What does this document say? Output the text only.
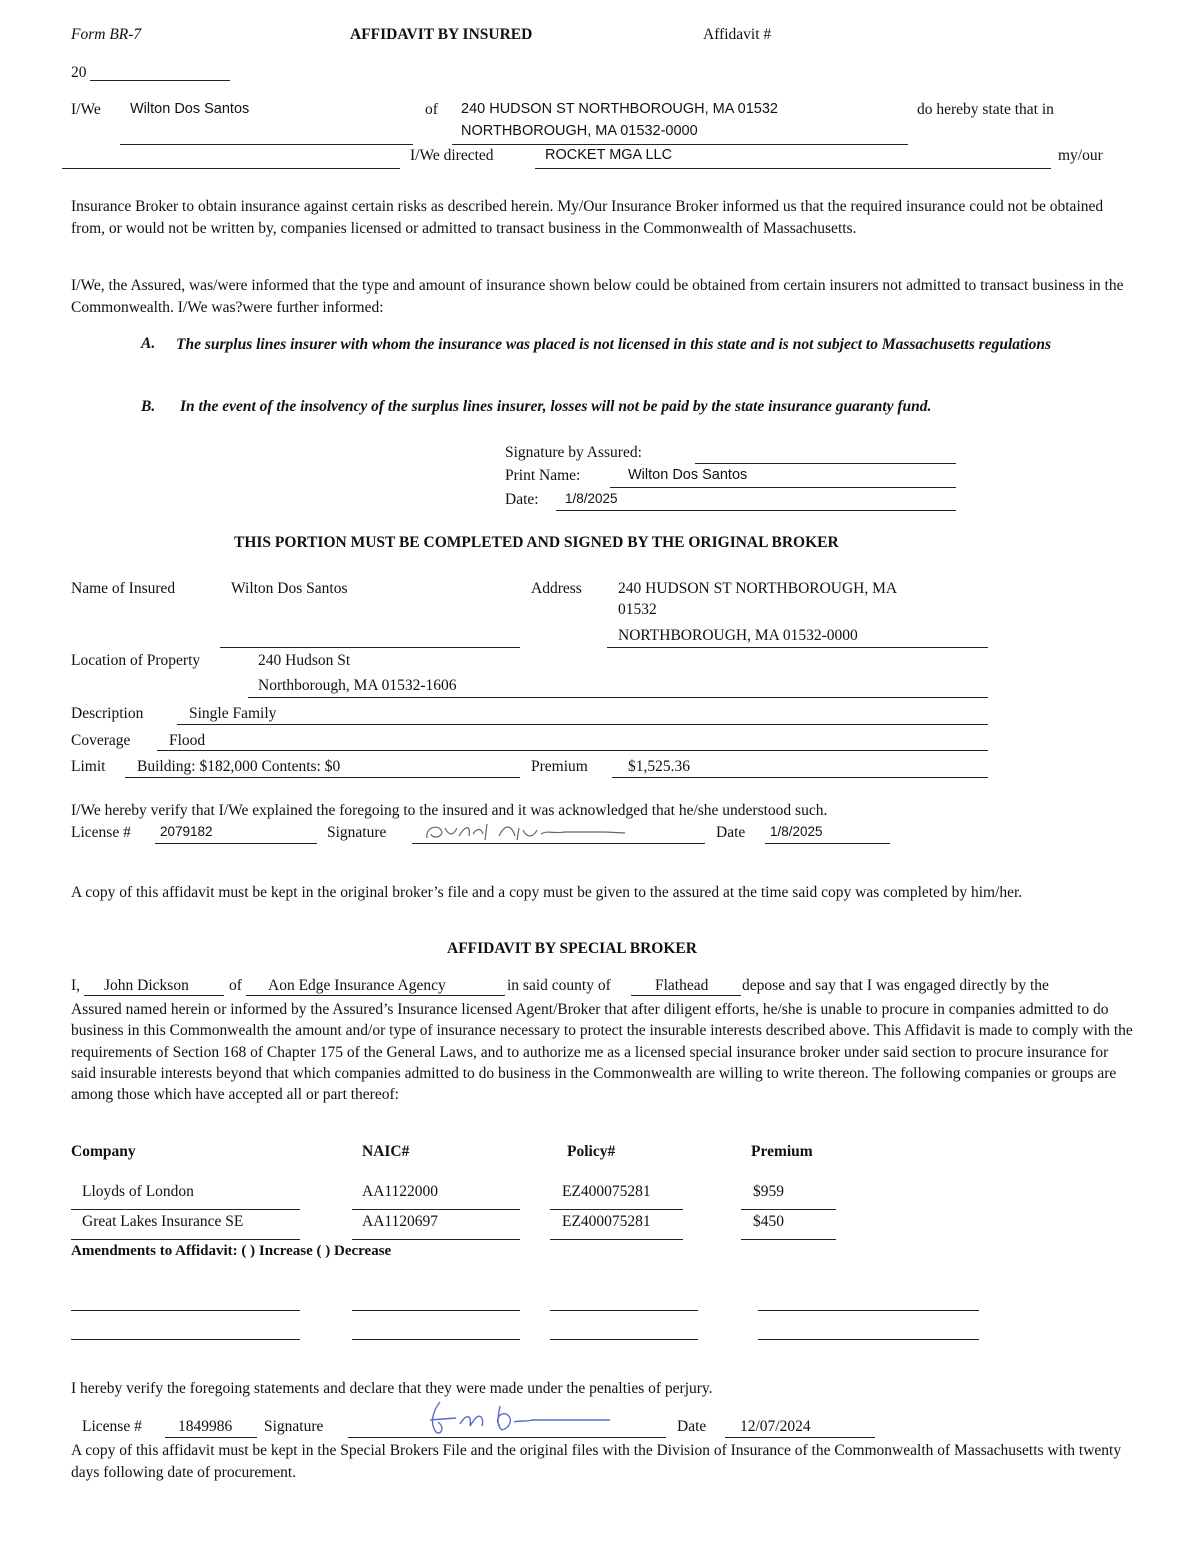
Form BR-7	AFFIDAVIT BY INSURED	Affidavit #
20
I/We Wilton Dos Santos	of 240 HUDSON ST NORTHBOROUGH, MA 01532
NORTHBOROUGH, MA 01532-0000
do hereby state that in
I/We directed	ROCKET MGA LLC	my/our
Insurance Broker to obtain insurance against certain risks as described herein. My/Our Insurance Broker informed us that the required insurance could not be obtained from, or would not be written by, companies licensed or admitted to transact business in the Commonwealth of Massachusetts.
I/We, the Assured, was/were informed that the type and amount of insurance shown below could be obtained from certain insurers not admitted to transact business in the Commonwealth. I/We was?were further informed:
A. The surplus lines insurer with whom the insurance was placed is not licensed in this state and is not subject to Massachusetts regulations
B. In the event of the insolvency of the surplus lines insurer, losses will not be paid by the state insurance guaranty fund.
Signature by Assured:
Print Name:	Wilton Dos Santos
Date: 1/8/2025
THIS PORTION MUST BE COMPLETED AND SIGNED BY THE ORIGINAL BROKER
Name of Insured	Wilton Dos Santos	Address 240 HUDSON ST NORTHBOROUGH, MA
01532
NORTHBOROUGH, MA 01532-0000
Location of Property	240 Hudson St
Northborough, MA 01532-1606
Description	Single Family
Coverage Flood
Limit Building: $182,000 Contents: $0	Premium	$1,525.36
I/We hereby verify that I/We explained the foregoing to the insured and it was acknowledged that he/she understood such.
License # 2079182	Signature	Date 1/8/2025
A copy of this affidavit must be kept in the original broker’s file and a copy must be given to the assured at the time said copy was completed by him/her.
AFFIDAVIT BY SPECIAL BROKER
I, John Dickson	of Aon Edge Insurance Agency	in said county of	Flathead depose and say that I was engaged directly by the
Assured named herein or informed by the Assured’s Insurance licensed Agent/Broker that after diligent efforts, he/she is unable to procure in companies admitted to do business in this Commonwealth the amount and/or type of insurance necessary to protect the insurable interests described above. This Affidavit is made to comply with the requirements of Section 168 of Chapter 175 of the General Laws, and to authorize me as a licensed special insurance broker under said section to procure insurance for said insurable interests beyond that which companies admitted to do business in the Commonwealth are willing to write thereon. The following companies or groups are among those which have accepted all or part thereof:
Company	NAIC#	Policy#	Premium
Lloyds of London	AA1122000	EZ400075281	$959
Great Lakes Insurance SE	AA1120697	EZ400075281	$450
Amendments to Affidavit: ( ) Increase ( ) Decrease
I hereby verify the foregoing statements and declare that they were made under the penalties of perjury.
License # 1849986 Signature	Date 12/07/2024
A copy of this affidavit must be kept in the Special Brokers File and the original files with the Division of Insurance of the Commonwealth of Massachusetts with twenty days following date of procurement.
